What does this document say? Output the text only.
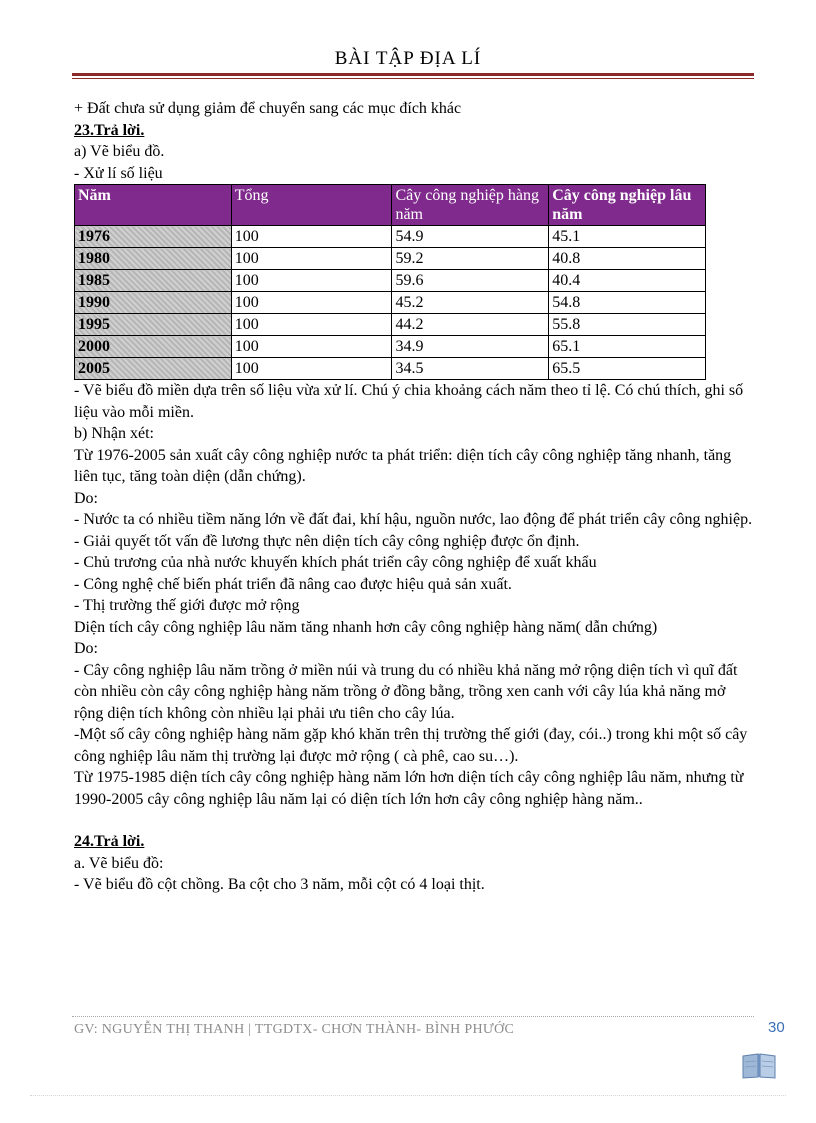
BÀI TẬP ĐỊA LÍ

+ Đất chưa sử dụng giảm để chuyển sang các mục đích khác

23.Trả lời.

a) Vẽ biểu đồ.

- Xử lí số liệu

Năm	Tổng	Cây công nghiệp hàng năm	Cây công nghiệp lâu năm
1976	100	54.9	45.1
1980	100	59.2	40.8
1985	100	59.6	40.4
1990	100	45.2	54.8
1995	100	44.2	55.8
2000	100	34.9	65.1
2005	100	34.5	65.5

- Vẽ biểu đồ miền dựa trên số liệu vừa xử lí. Chú ý chia khoảng cách năm theo tỉ lệ. Có chú thích, ghi số liệu vào mỗi miền.

b) Nhận xét:

Từ 1976-2005 sản xuất cây công nghiệp nước ta phát triển: diện tích cây công nghiệp tăng nhanh, tăng liên tục, tăng toàn diện (dẫn chứng).

Do:

- Nước ta có nhiều tiềm năng lớn về đất đai, khí hậu, nguồn nước, lao động để phát triển cây công nghiệp.

- Giải quyết tốt vấn đề lương thực nên diện tích cây công nghiệp được ổn định.

- Chủ trương của nhà nước khuyến khích phát triển cây công nghiệp để xuất khẩu

- Công nghệ chế biến phát triển đã nâng cao được hiệu quả sản xuất.

- Thị trường thế giới được mở rộng

Diện tích cây công nghiệp lâu năm tăng nhanh hơn cây công nghiệp hàng năm( dẫn chứng)

Do:

- Cây công nghiệp lâu năm trồng ở miền núi và trung du có nhiều khả năng mở rộng diện tích vì quĩ đất còn nhiều còn cây công nghiệp hàng năm trồng ở đồng bằng, trồng xen canh với cây lúa khả năng mở rộng diện tích không còn nhiều lại phải ưu tiên cho cây lúa.

-Một số cây công nghiệp hàng năm gặp khó khăn trên thị trường thế giới (đay, cói..) trong khi một số cây công nghiệp lâu năm thị trường lại được mở rộng ( cà phê, cao su…).

Từ 1975-1985 diện tích cây công nghiệp hàng năm lớn hơn diện tích cây công nghiệp lâu năm, nhưng từ 1990-2005 cây công nghiệp lâu năm lại có diện tích lớn hơn cây công nghiệp hàng năm..

24.Trả lời.

a. Vẽ biểu đồ:

- Vẽ biểu đồ cột chồng. Ba cột cho 3 năm, mỗi cột có 4 loại thịt.

GV: NGUYỄN THỊ THANH | TTGDTX- CHƠN THÀNH- BÌNH PHƯỚC	30
